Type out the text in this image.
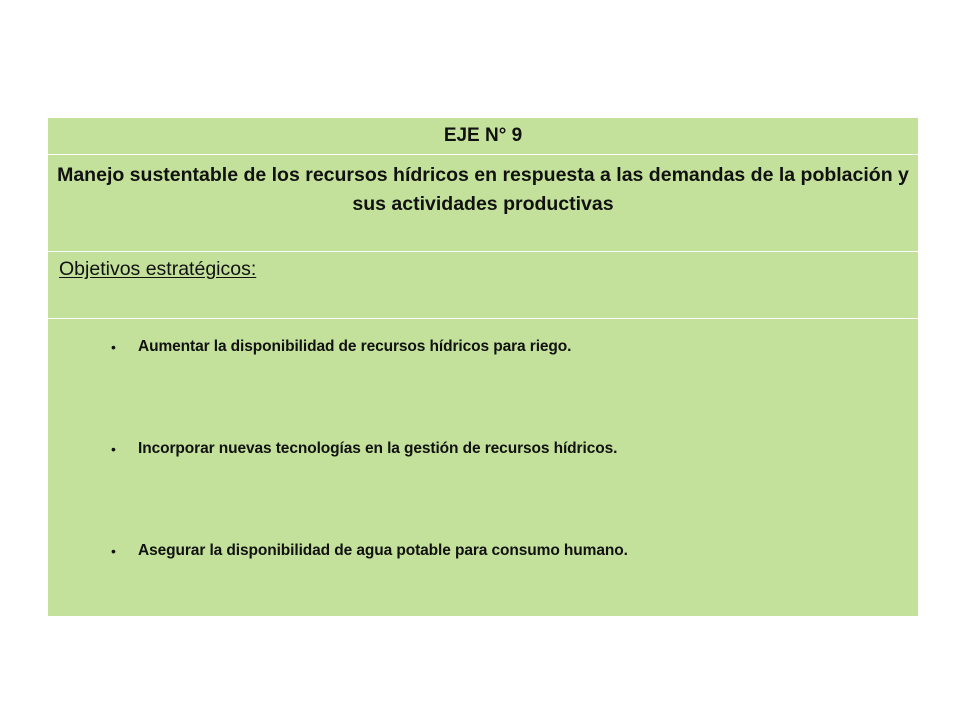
EJE N° 9
Manejo sustentable de los recursos hídricos en respuesta a las demandas de la población y sus actividades productivas
Objetivos estratégicos:
• Aumentar la disponibilidad de recursos hídricos para riego.
• Incorporar nuevas tecnologías en la gestión de recursos hídricos.
• Asegurar la disponibilidad de agua potable para consumo humano.
